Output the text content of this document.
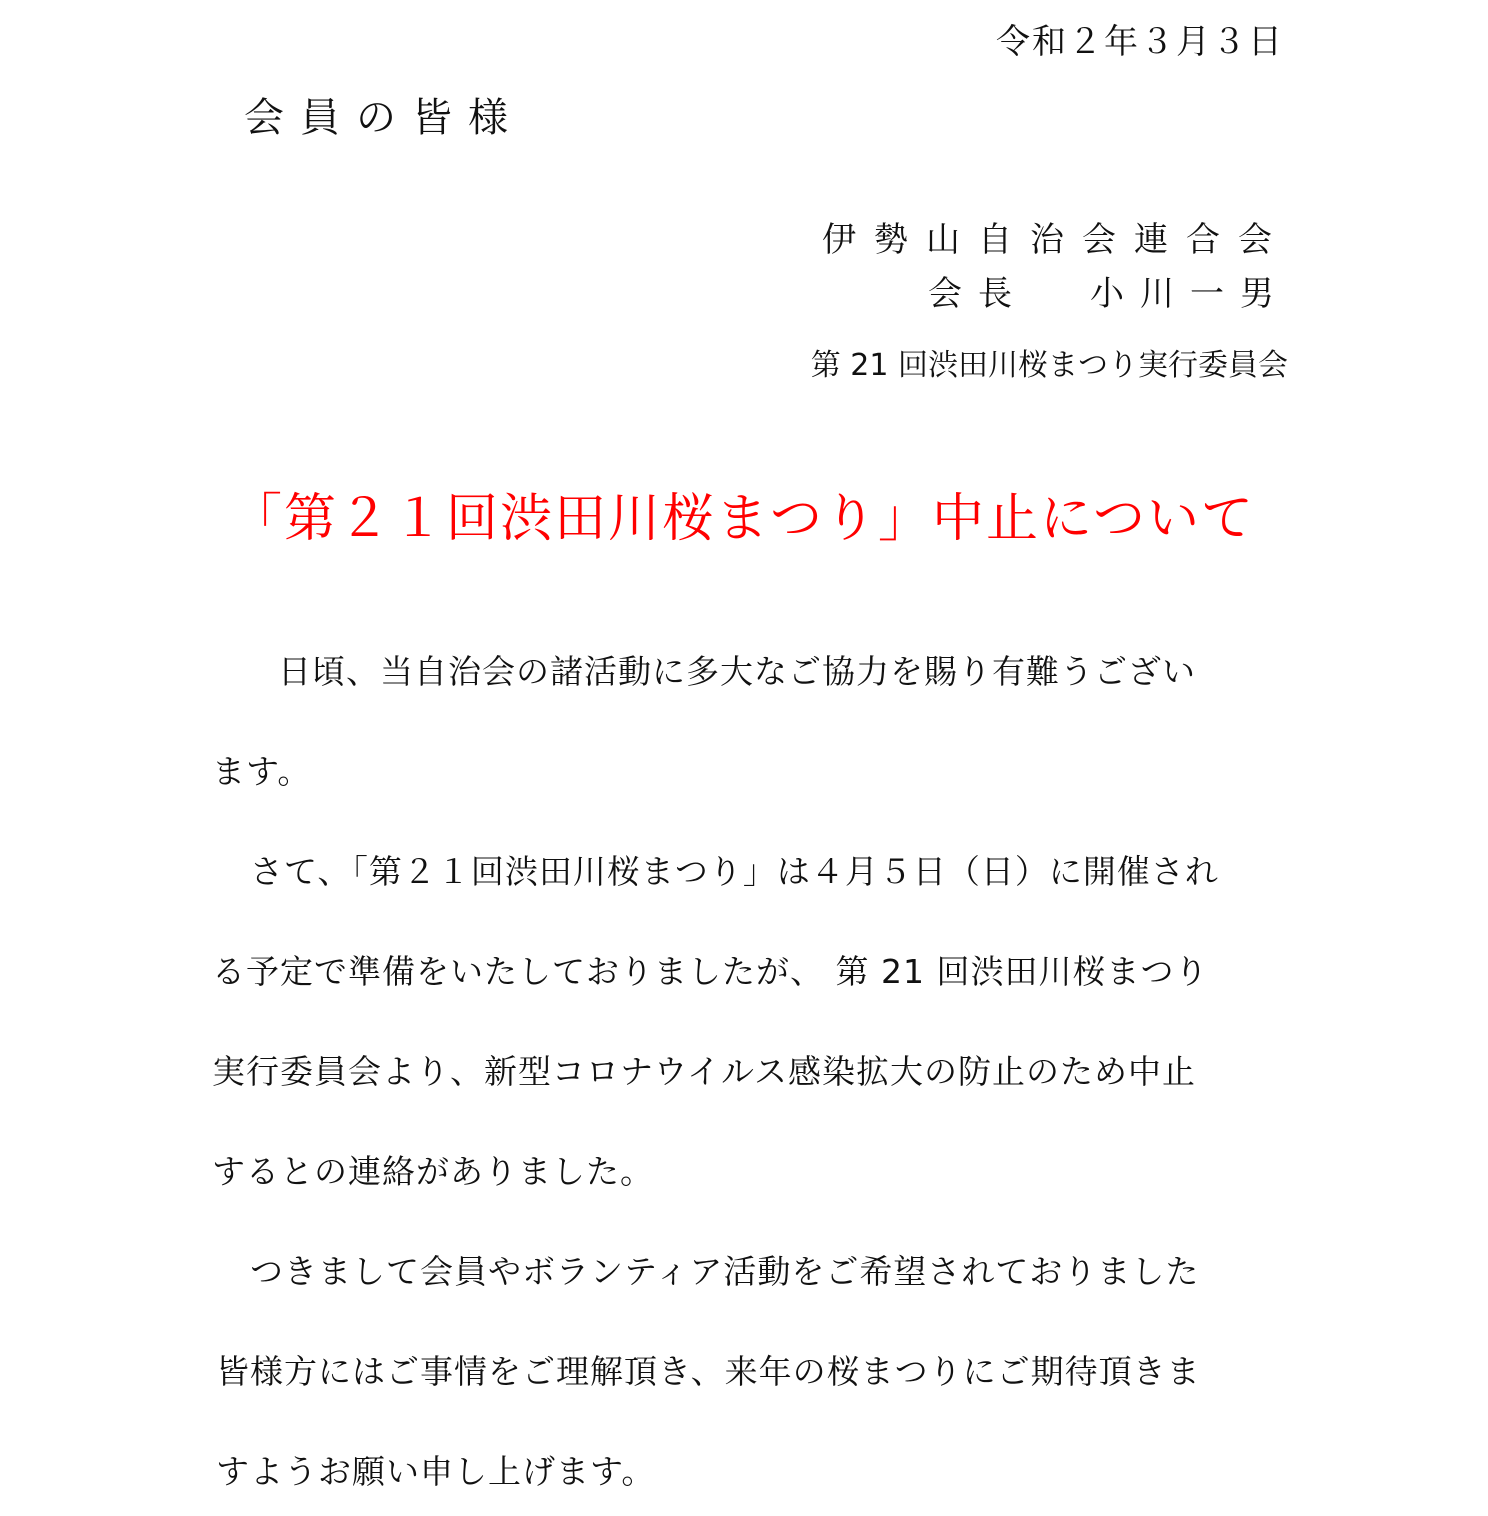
令和２年３月３日
会員の皆様
伊勢山自治会連合会
会長 小川一男
第 21 回渋田川桜まつり実行委員会
「第２１回渋田川桜まつり」中止について
日頃、当自治会の諸活動に多大なご協力を賜り有難うござい
ます。
さて、「第２１回渋田川桜まつり」は４月５日（日）に開催され
る予定で準備をいたしておりましたが、 第 21 回渋田川桜まつり
実行委員会より、新型コロナウイルス感染拡大の防止のため中止
するとの連絡がありました。
つきまして会員やボランティア活動をご希望されておりました
皆様方にはご事情をご理解頂き、来年の桜まつりにご期待頂きま
すようお願い申し上げます。
